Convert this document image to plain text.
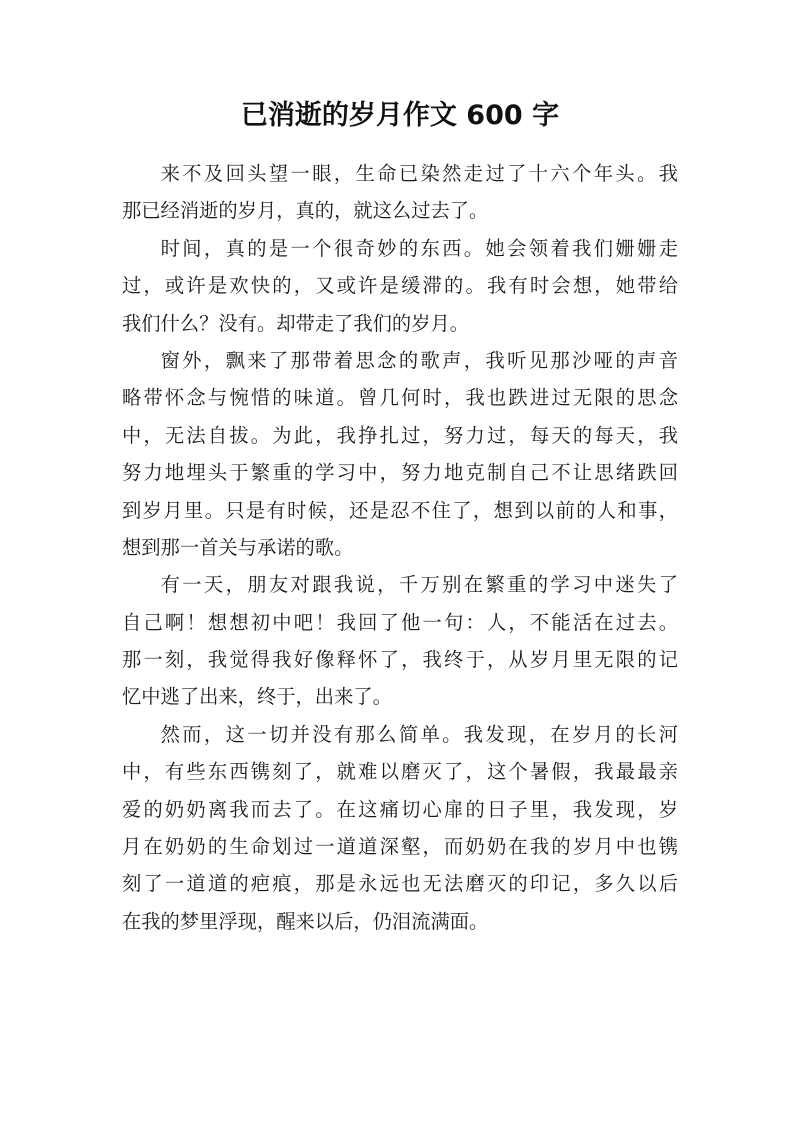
已消逝的岁月作文 600 字

来不及回头望一眼，生命已染然走过了十六个年头。我
那已经消逝的岁月，真的，就这么过去了。

时间，真的是一个很奇妙的东西。她会领着我们姗姗走
过，或许是欢快的，又或许是缓滞的。我有时会想，她带给
我们什么？没有。却带走了我们的岁月。

窗外，飘来了那带着思念的歌声，我听见那沙哑的声音
略带怀念与惋惜的味道。曾几何时，我也跌进过无限的思念
中，无法自拔。为此，我挣扎过，努力过，每天的每天，我
努力地埋头于繁重的学习中，努力地克制自己不让思绪跌回
到岁月里。只是有时候，还是忍不住了，想到以前的人和事，
想到那一首关与承诺的歌。

有一天，朋友对跟我说，千万别在繁重的学习中迷失了
自己啊！想想初中吧！我回了他一句：人，不能活在过去。
那一刻，我觉得我好像释怀了，我终于，从岁月里无限的记
忆中逃了出来，终于，出来了。

然而，这一切并没有那么简单。我发现，在岁月的长河
中，有些东西镌刻了，就难以磨灭了，这个暑假，我最最亲
爱的奶奶离我而去了。在这痛切心扉的日子里，我发现，岁
月在奶奶的生命划过一道道深壑，而奶奶在我的岁月中也镌
刻了一道道的疤痕，那是永远也无法磨灭的印记，多久以后
在我的梦里浮现，醒来以后，仍泪流满面。
